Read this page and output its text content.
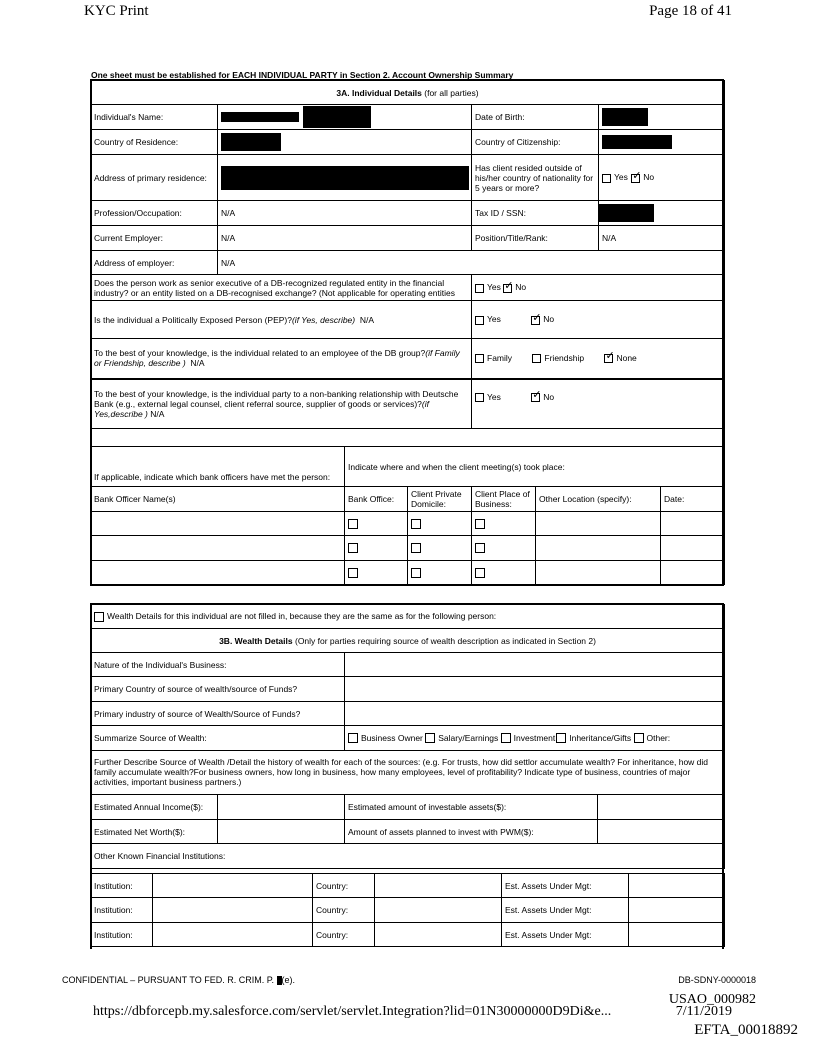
KYC Print	Page 18 of 41
One sheet must be established for EACH INDIVIDUAL PARTY in Section 2. Account Ownership Summary
3A. Individual Details (for all parties)			
Individual's Name:		Date of Birth:	
Country of Residence:		Country of Citizenship:	
Address of primary residence:		Has client resided outside of his/her country of nationality for 5 years or more?	Yes ✓ No
Profession/Occupation:	N/A	Tax ID / SSN:	
Current Employer:	N/A	Position/Title/Rank:	N/A
Address of employer:	N/A		
Does the person work as senior executive of a DB-recognized regulated entity in the financial industry? or an entity listed on a DB-recognised exchange? (Not applicable for operating entities		Yes ✓ No
Is the individual a Politically Exposed Person (PEP)?(if Yes, describe) N/A		Yes ✓ No
To the best of your knowledge, is the individual related to an employee of the DB group?(if Family or Friendship, describe ) N/A		Family Friendship ✓ None
To the best of your knowledge, is the individual party to a non-banking relationship with Deutsche Bank (e.g., external legal counsel, client referral source, supplier of goods or services)?(if Yes,describe ) N/A		Yes ✓ No

If applicable, indicate which bank officers have met the person:	Indicate where and when the client meeting(s) took place:				
Bank Officer Name(s)	Bank Office:	Client Private Domicile:	Client Place of Business:	Other Location (specify):	Date:

Wealth Details for this individual are not filled in, because they are the same as for the following person:			
3B. Wealth Details (Only for parties requiring source of wealth description as indicated in Section 2)			
Nature of the Individual's Business:			
Primary Country of source of wealth/source of Funds?			
Primary industry of source of Wealth/Source of Funds?			
Summarize Source of Wealth:		Business Owner Salary/Earnings Investment Inheritance/Gifts Other:	
Further Describe Source of Wealth /Detail the history of wealth for each of the sources: (e.g. For trusts, how did settlor accumulate wealth? For inheritance, how did family accumulate wealth?For business owners, how long in business, how many employees, level of profitability? Indicate type of business, countries of major activities, important business partners.)			
Estimated Annual Income($):		Estimated amount of investable assets($):	
Estimated Net Worth($):		Amount of assets planned to invest with PWM($):	
Other Known Financial Institutions:			
Institution:		Country:		Est. Assets Under Mgt:	
Institution:		Country:		Est. Assets Under Mgt:	
Institution:		Country:		Est. Assets Under Mgt:	
CONFIDENTIAL – PURSUANT TO FED. R. CRIM. P. (e).	DB-SDNY-0000018
USAO_000982
https://dbforcepb.my.salesforce.com/servlet/servlet.Integration?lid=01N30000000D9Di&e...	7/11/2019
EFTA_00018892
